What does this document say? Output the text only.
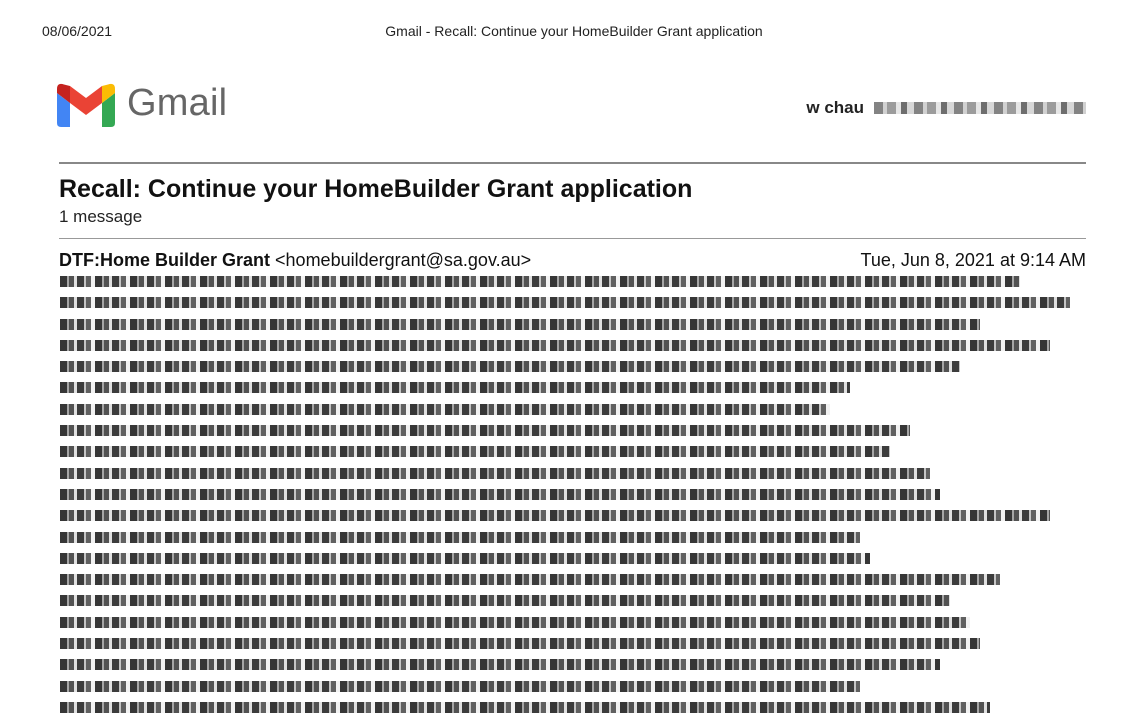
08/06/2021	Gmail - Recall: Continue your HomeBuilder Grant application
Gmail	w chau
Recall: Continue your HomeBuilder Grant application
1 message
DTF:Home Builder Grant <homebuildergrant@sa.gov.au>	Tue, Jun 8, 2021 at 9:14 AM
